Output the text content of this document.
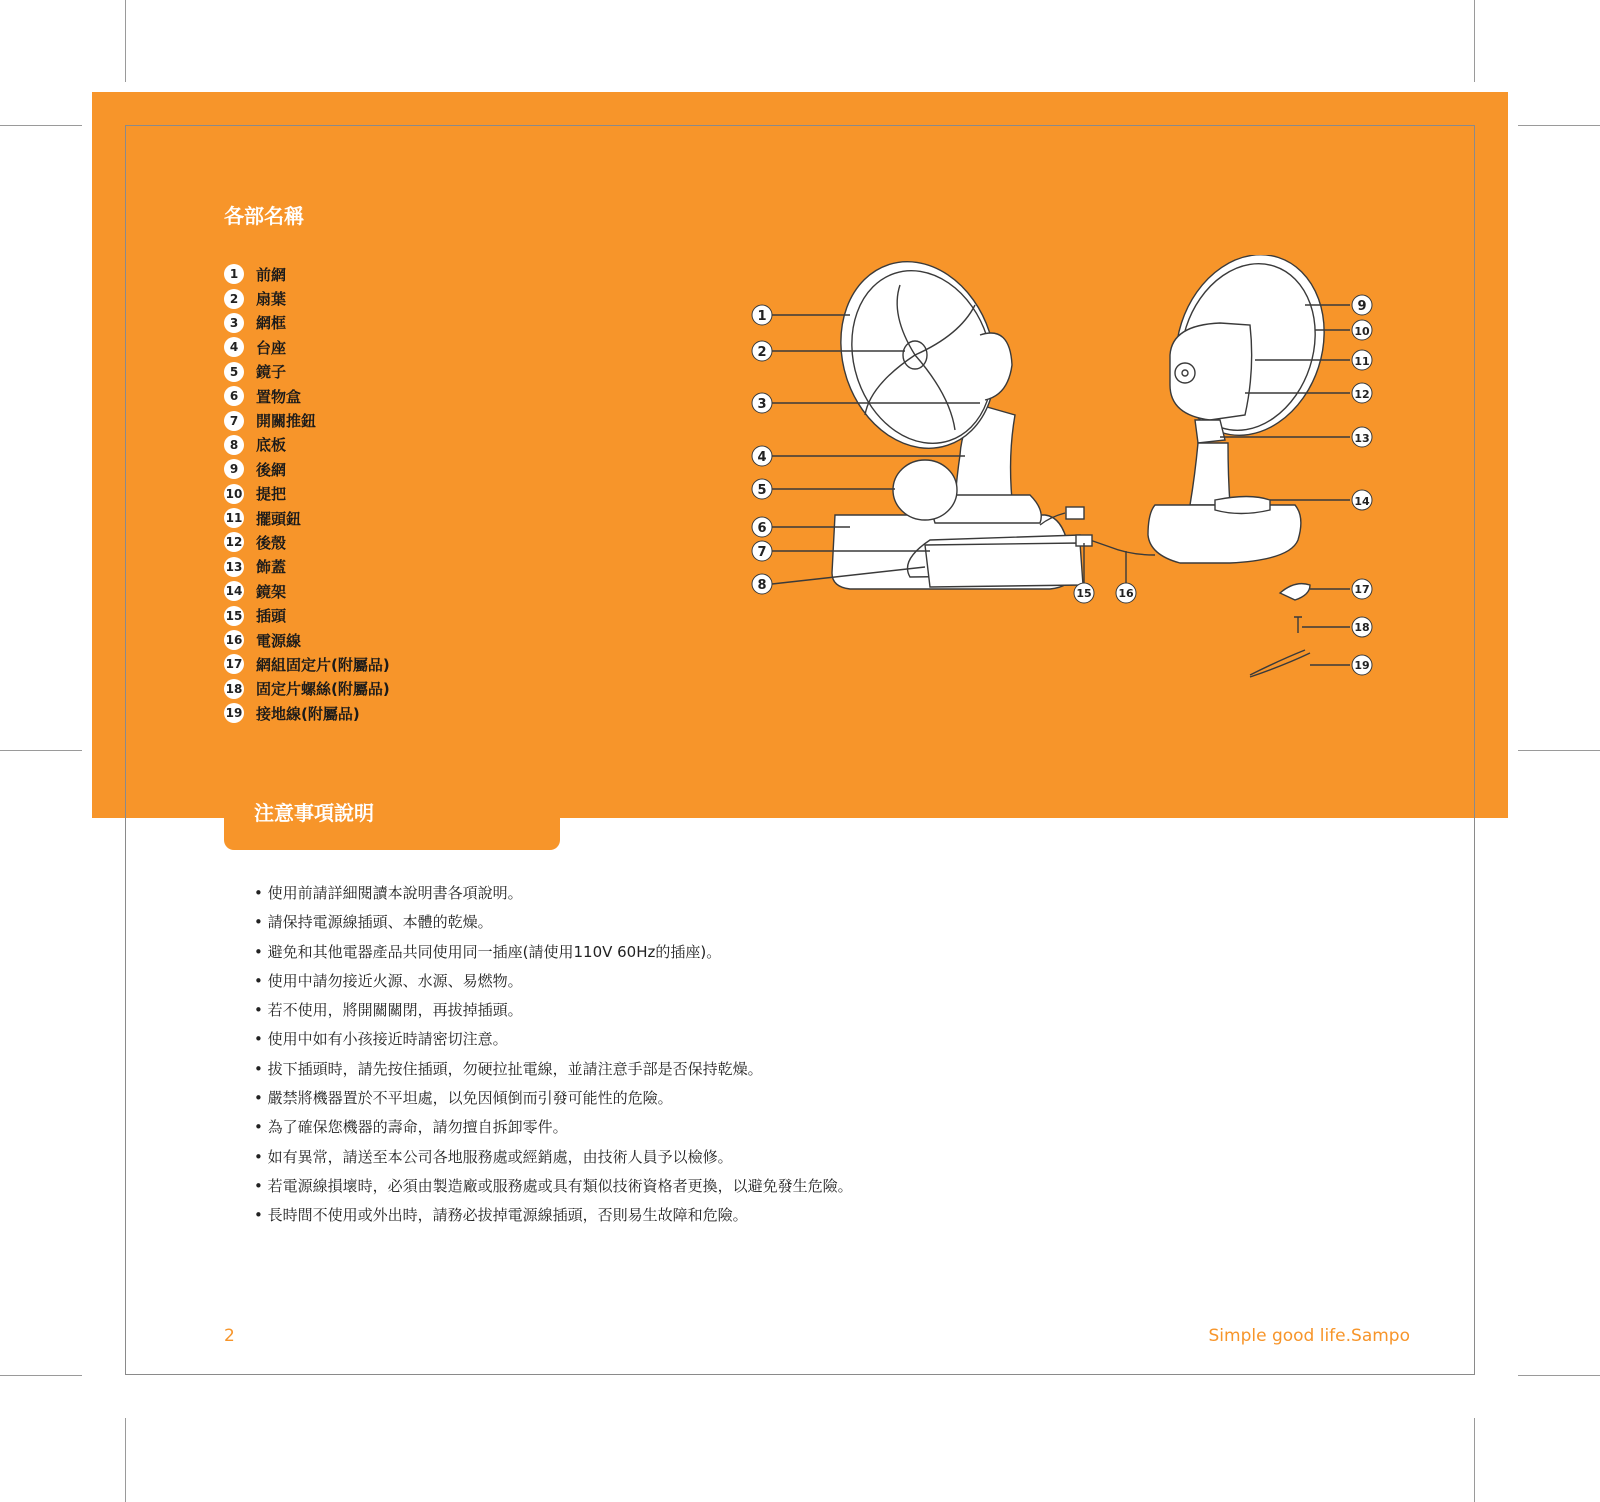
各部名稱
1	前網
2	扇葉
3	網框
4	台座
5	鏡子
6	置物盒
7	開關推鈕
8	底板
9	後網
10 提把
11 擺頭鈕
12 後殼
13 飾蓋
14 鏡架
15 插頭
16 電源線
17 網組固定片(附屬品)
18 固定片螺絲(附屬品)
19 接地線(附屬品)
1
2
3
4
5
6
7
8
9
10
11
12
13
14
15 16	17
18
19
注意事項說明
• 使用前請詳細閱讀本說明書各項說明。
• 請保持電源線插頭、本體的乾燥。
• 避免和其他電器產品共同使用同一插座(請使用110V 60Hz的插座)。
• 使用中請勿接近火源、水源、易燃物。
• 若不使用，將開關關閉，再拔掉插頭。
• 使用中如有小孩接近時請密切注意。
• 拔下插頭時，請先按住插頭，勿硬拉扯電線，並請注意手部是否保持乾燥。
• 嚴禁將機器置於不平坦處，以免因傾倒而引發可能性的危險。
• 為了確保您機器的壽命，請勿擅自拆卸零件。
• 如有異常，請送至本公司各地服務處或經銷處，由技術人員予以檢修。
• 若電源線損壞時，必須由製造廠或服務處或具有類似技術資格者更換，以避免發生危險。
• 長時間不使用或外出時，請務必拔掉電源線插頭，否則易生故障和危險。
2	Simple good life.Sampo
